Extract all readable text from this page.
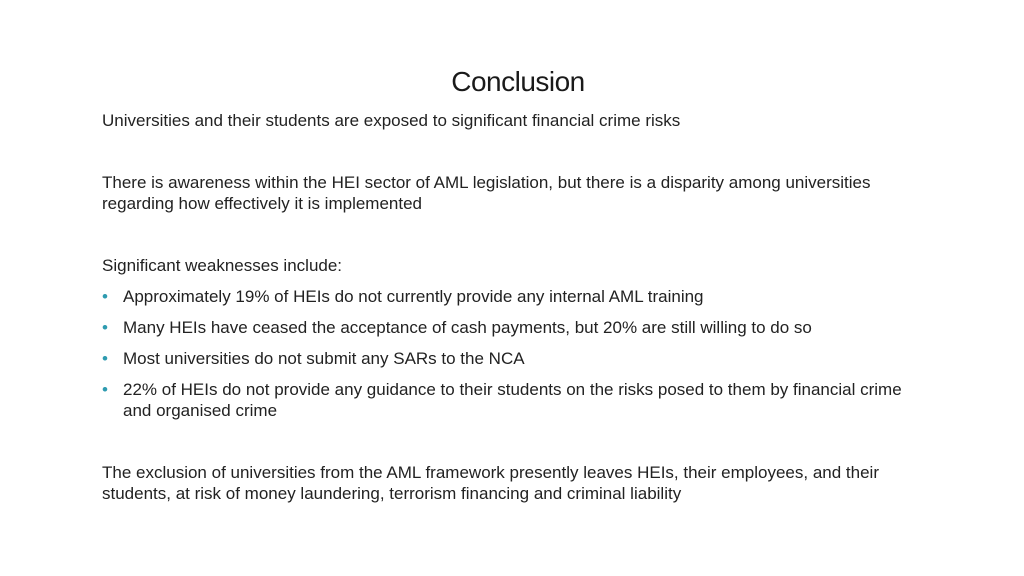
Conclusion

Universities and their students are exposed to significant financial crime risks

There is awareness within the HEI sector of AML legislation, but there is a disparity among universities regarding how effectively it is implemented

Significant weaknesses include:

• Approximately 19% of HEIs do not currently provide any internal AML training
• Many HEIs have ceased the acceptance of cash payments, but 20% are still willing to do so
• Most universities do not submit any SARs to the NCA
• 22% of HEIs do not provide any guidance to their students on the risks posed to them by financial crime and organised crime

The exclusion of universities from the AML framework presently leaves HEIs, their employees, and their students, at risk of money laundering, terrorism financing and criminal liability
